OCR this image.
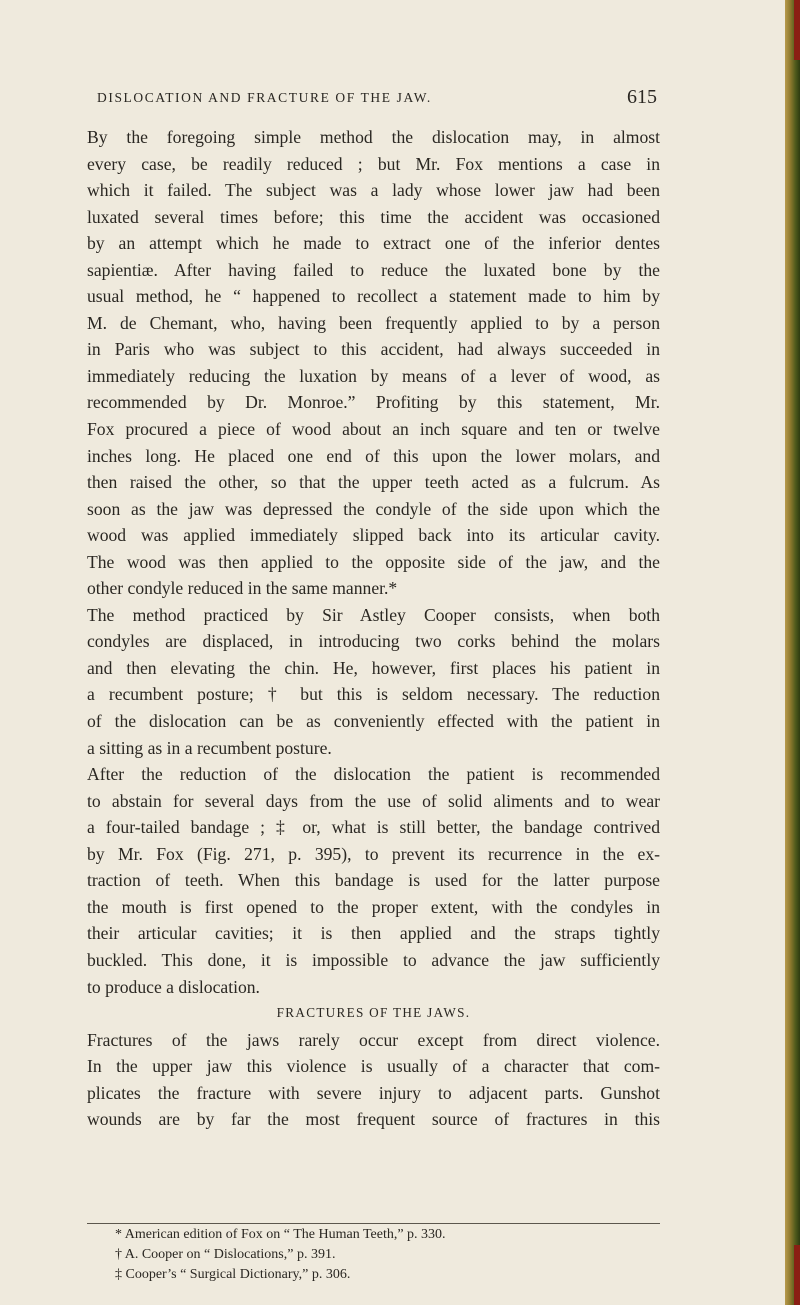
DISLOCATION AND FRACTURE OF THE JAW.	615
By the foregoing simple method the dislocation may, in almost
every case, be readily reduced ; but Mr. Fox mentions a case in
which it failed. The subject was a lady whose lower jaw had been
luxated several times before; this time the accident was occasioned
by an attempt which he made to extract one of the inferior dentes
sapientiæ. After having failed to reduce the luxated bone by the
usual method, he “ happened to recollect a statement made to him by
M. de Chemant, who, having been frequently applied to by a person
in Paris who was subject to this accident, had always succeeded in
immediately reducing the luxation by means of a lever of wood, as
recommended by Dr. Monroe.” Profiting by this statement, Mr.
Fox procured a piece of wood about an inch square and ten or twelve
inches long. He placed one end of this upon the lower molars, and
then raised the other, so that the upper teeth acted as a fulcrum. As
soon as the jaw was depressed the condyle of the side upon which the
wood was applied immediately slipped back into its articular cavity.
The wood was then applied to the opposite side of the jaw, and the
other condyle reduced in the same manner.*
The method practiced by Sir Astley Cooper consists, when both
condyles are displaced, in introducing two corks behind the molars
and then elevating the chin. He, however, first places his patient in
a recumbent posture; † but this is seldom necessary. The reduction
of the dislocation can be as conveniently effected with the patient in
a sitting as in a recumbent posture.
After the reduction of the dislocation the patient is recommended
to abstain for several days from the use of solid aliments and to wear
a four-tailed bandage ; ‡ or, what is still better, the bandage contrived
by Mr. Fox (Fig. 271, p. 395), to prevent its recurrence in the ex-
traction of teeth. When this bandage is used for the latter purpose
the mouth is first opened to the proper extent, with the condyles in
their articular cavities; it is then applied and the straps tightly
buckled. This done, it is impossible to advance the jaw sufficiently
to produce a dislocation.
FRACTURES OF THE JAWS.
Fractures of the jaws rarely occur except from direct violence.
In the upper jaw this violence is usually of a character that com-
plicates the fracture with severe injury to adjacent parts. Gunshot
wounds are by far the most frequent source of fractures in this
* American edition of Fox on “ The Human Teeth,” p. 330.
† A. Cooper on “ Dislocations,” p. 391.
‡ Cooper’s “ Surgical Dictionary,” p. 306.
